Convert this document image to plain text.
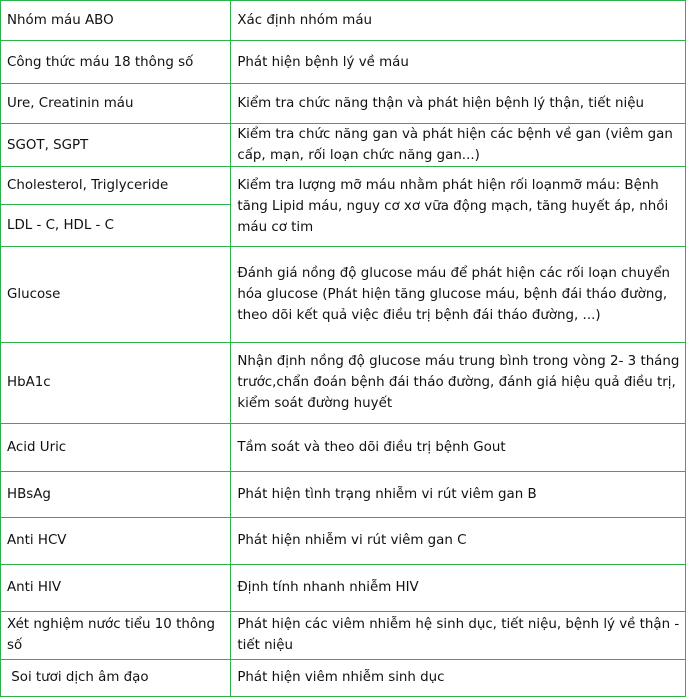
Nhóm máu ABO	Xác định nhóm máu
Công thức máu 18 thông số	Phát hiện bệnh lý về máu
Ure, Creatinin máu	Kiểm tra chức năng thận và phát hiện bệnh lý thận, tiết niệu
SGOT, SGPT	Kiểm tra chức năng gan và phát hiện các bệnh về gan (viêm gan cấp, mạn, rối loạn chức năng gan...)
Cholesterol, Triglyceride	Kiểm tra lượng mỡ máu nhằm phát hiện rối loạnmỡ máu: Bệnh tăng Lipid máu, nguy cơ xơ vữa động mạch, tăng huyết áp, nhồi máu cơ tim
LDL - C, HDL - C	
Glucose	Đánh giá nồng độ glucose máu để phát hiện các rối loạn chuyển hóa glucose (Phát hiện tăng glucose máu, bệnh đái tháo đường, theo dõi kết quả việc điều trị bệnh đái tháo đường, ...)
HbA1c	Nhận định nồng độ glucose máu trung bình trong vòng 2- 3 tháng trước,chẩn đoán bệnh đái tháo đường, đánh giá hiệu quả điều trị, kiểm soát đường huyết
Acid Uric	Tầm soát và theo dõi điều trị bệnh Gout
HBsAg	Phát hiện tình trạng nhiễm vi rút viêm gan B
Anti HCV	Phát hiện nhiễm vi rút viêm gan C
Anti HIV	Định tính nhanh nhiễm HIV
Xét nghiệm nước tiểu 10 thông số	Phát hiện các viêm nhiễm hệ sinh dục, tiết niệu, bệnh lý về thận - tiết niệu
Soi tươi dịch âm đạo	Phát hiện viêm nhiễm sinh dục
